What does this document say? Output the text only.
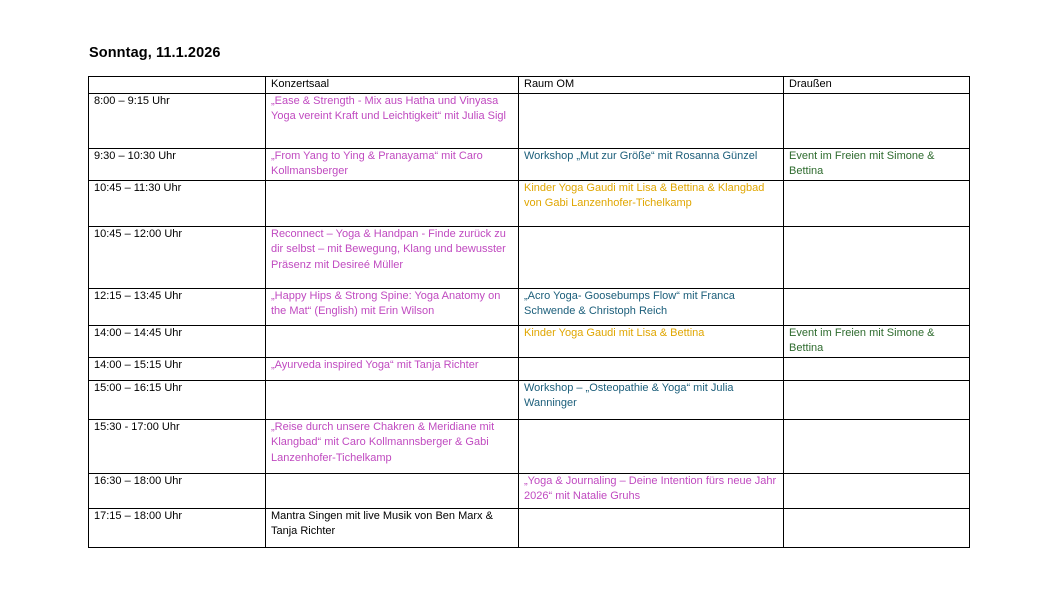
Sonntag, 11.1.2026
	Konzertsaal	Raum OM	Draußen
8:00 – 9:15 Uhr	„Ease & Strength - Mix aus Hatha und Vinyasa Yoga vereint Kraft und Leichtigkeit“ mit Julia Sigl		
9:30 – 10:30 Uhr	„From Yang to Ying & Pranayama“ mit Caro Kollmansberger	Workshop „Mut zur Größe“ mit Rosanna Günzel	Event im Freien mit Simone & Bettina
10:45 – 11:30 Uhr		Kinder Yoga Gaudi mit Lisa & Bettina & Klangbad von Gabi Lanzenhofer-Tichelkamp	
10:45 – 12:00 Uhr	Reconnect – Yoga & Handpan - Finde zurück zu dir selbst – mit Bewegung, Klang und bewusster Präsenz mit Desireé Müller		
12:15 – 13:45 Uhr	„Happy Hips & Strong Spine: Yoga Anatomy on the Mat“ (English) mit Erin Wilson	„Acro Yoga- Goosebumps Flow“ mit Franca Schwende & Christoph Reich	
14:00 – 14:45 Uhr		Kinder Yoga Gaudi mit Lisa & Bettina	Event im Freien mit Simone & Bettina
14:00 – 15:15 Uhr	„Ayurveda inspired Yoga“ mit Tanja Richter		
15:00 – 16:15 Uhr		Workshop – „Osteopathie & Yoga“ mit Julia Wanninger	
15:30 - 17:00 Uhr	„Reise durch unsere Chakren & Meridiane mit Klangbad“ mit Caro Kollmannsberger & Gabi Lanzenhofer-Tichelkamp		
16:30 – 18:00 Uhr		„Yoga & Journaling – Deine Intention fürs neue Jahr 2026“ mit Natalie Gruhs	
17:15 – 18:00 Uhr	Mantra Singen mit live Musik von Ben Marx & Tanja Richter		
